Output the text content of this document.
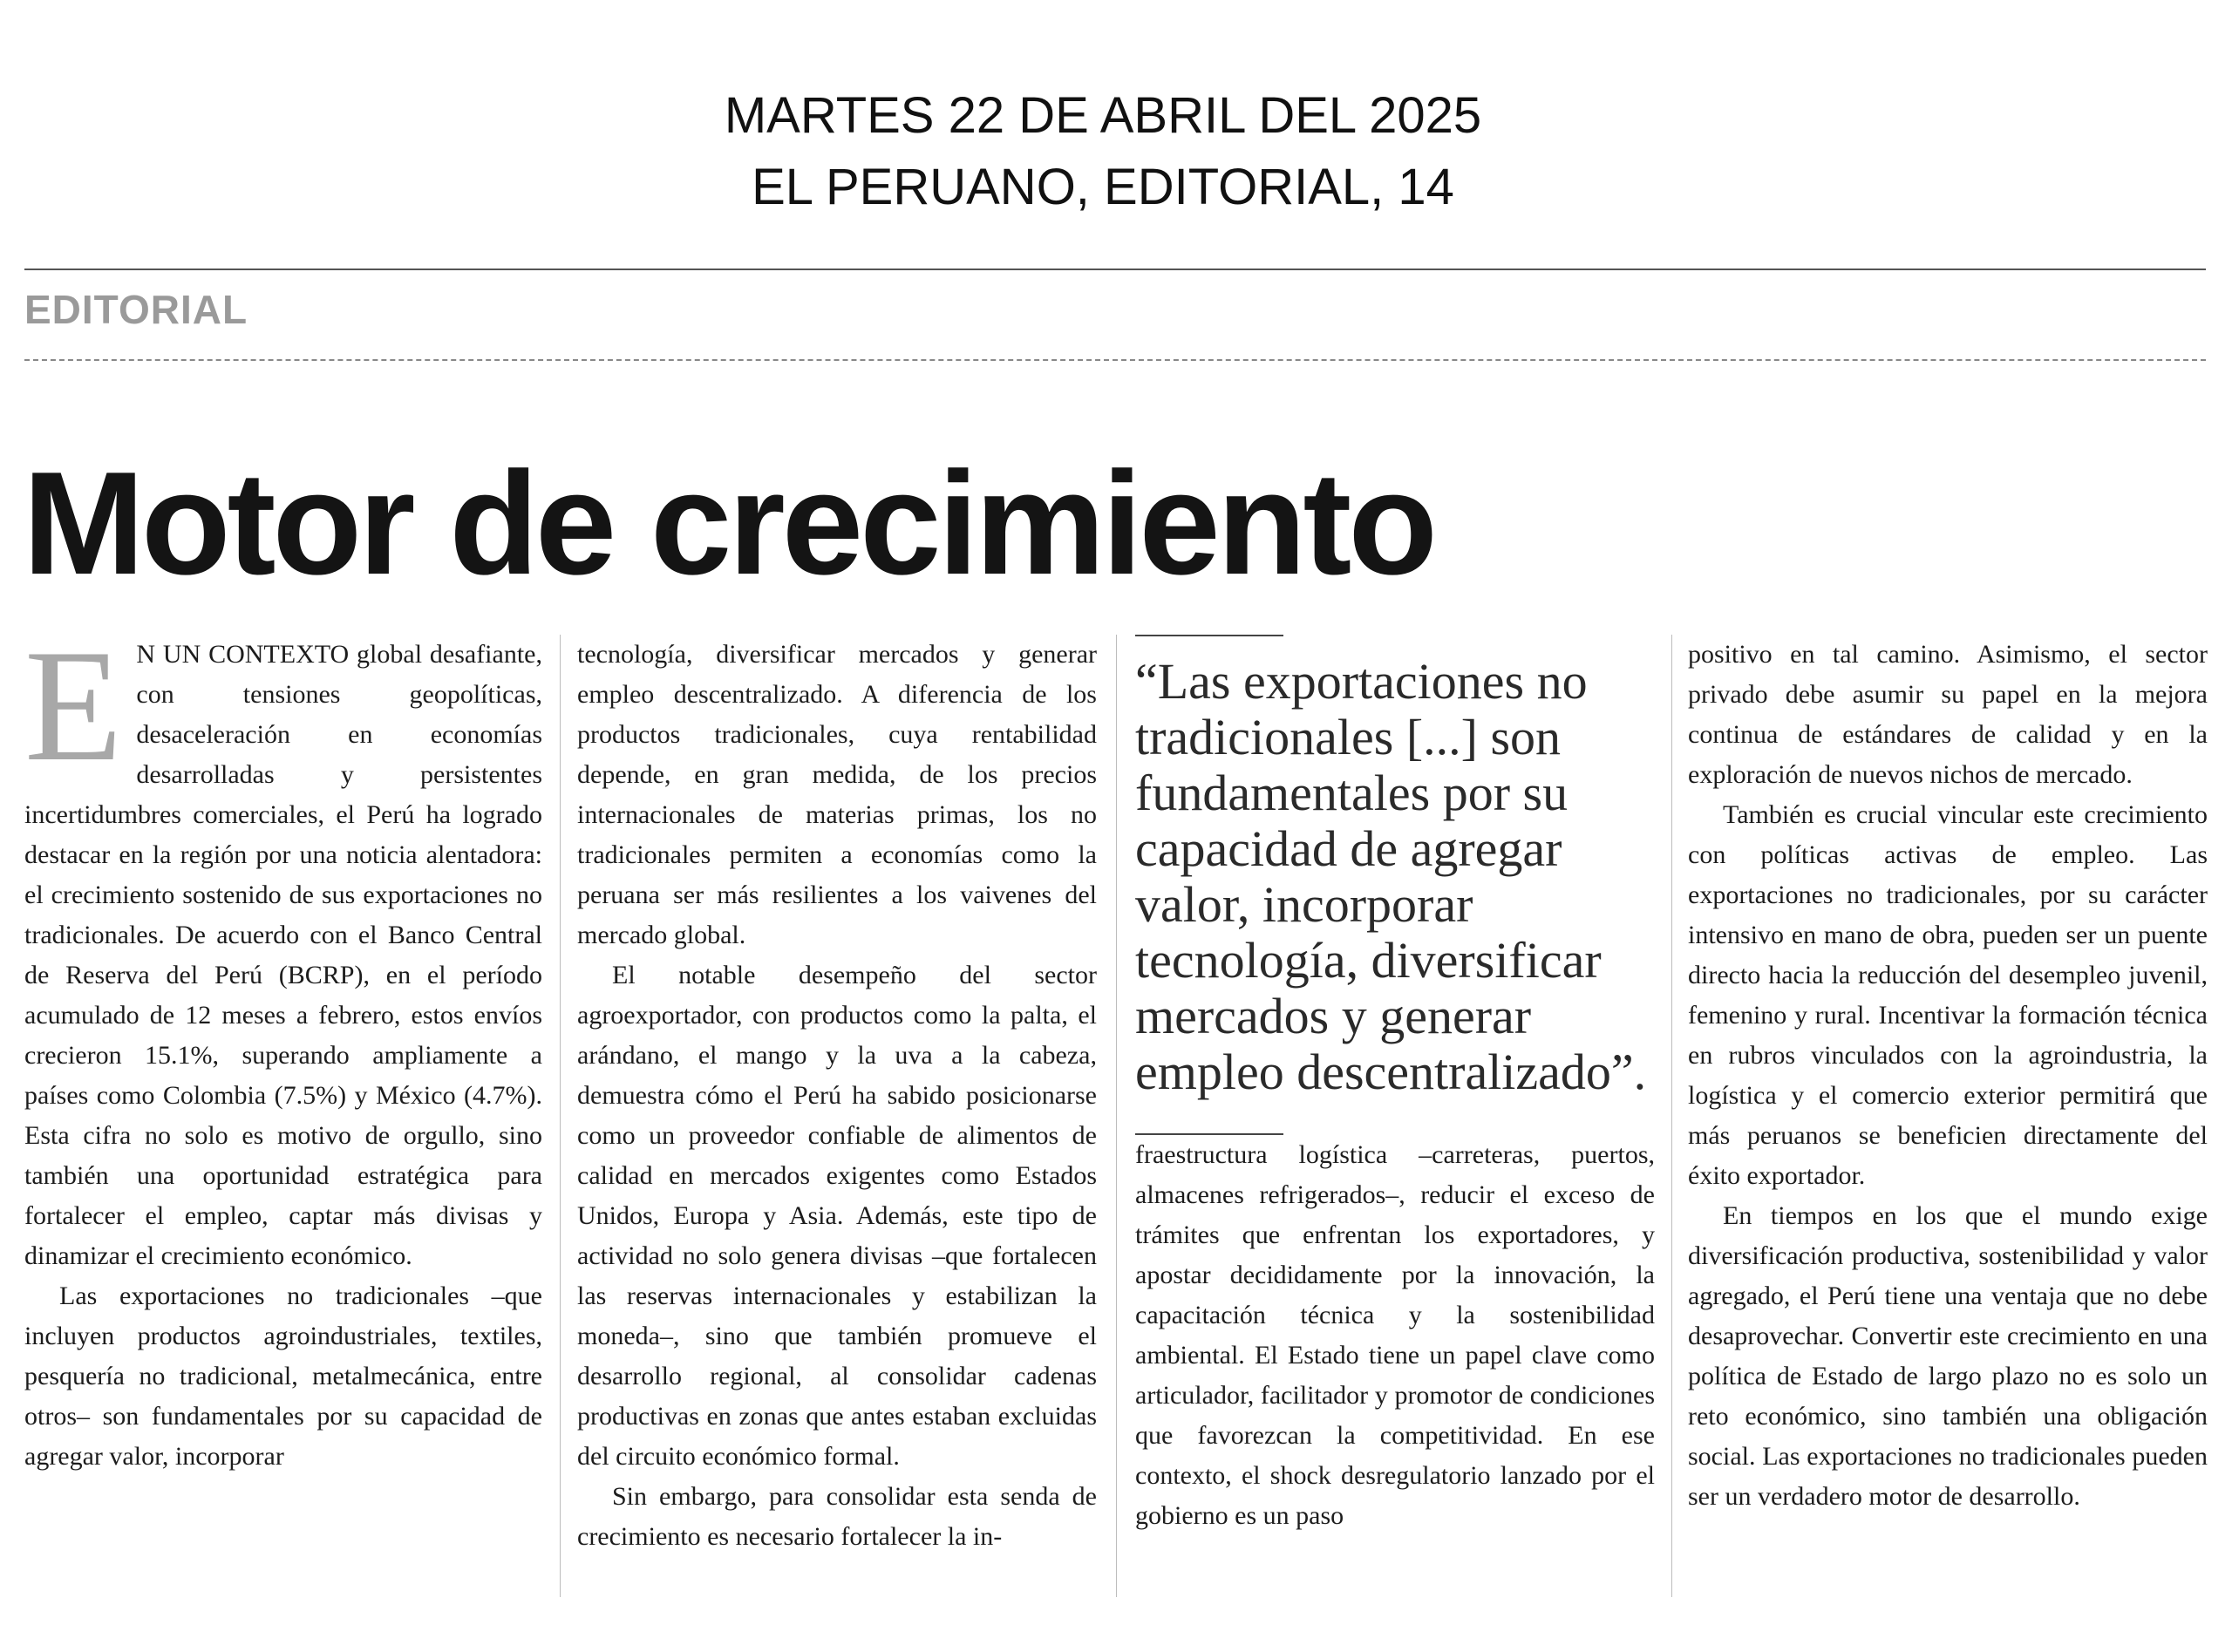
MARTES 22 DE ABRIL DEL 2025
EL PERUANO, EDITORIAL, 14
EDITORIAL
Motor de crecimiento

E N UN CONTEXTO global desafiante, con tensiones geopolíticas, desaceleración en economías desarrolladas y persistentes incertidumbres comerciales, el Perú ha logrado destacar en la región por una noticia alentadora: el crecimiento sostenido de sus exportaciones no tradicionales. De acuerdo con el Banco Central de Reserva del Perú (BCRP), en el período acumulado de 12 meses a febrero, estos envíos crecieron 15.1%, superando ampliamente a países como Colombia (7.5%) y México (4.7%). Esta cifra no solo es motivo de orgullo, sino también una oportunidad estratégica para fortalecer el empleo, captar más divisas y dinamizar el crecimiento económico.

Las exportaciones no tradicionales –que incluyen productos agroindustriales, textiles, pesquería no tradicional, metalmecánica, entre otros– son fundamentales por su capacidad de agregar valor, incorporar

tecnología, diversificar mercados y generar empleo descentralizado. A diferencia de los productos tradicionales, cuya rentabilidad depende, en gran medida, de los precios internacionales de materias primas, los no tradicionales permiten a economías como la peruana ser más resilientes a los vaivenes del mercado global.

El notable desempeño del sector agroexportador, con productos como la palta, el arándano, el mango y la uva a la cabeza, demuestra cómo el Perú ha sabido posicionarse como un proveedor confiable de alimentos de calidad en mercados exigentes como Estados Unidos, Europa y Asia. Además, este tipo de actividad no solo genera divisas –que fortalecen las reservas internacionales y estabilizan la moneda–, sino que también promueve el desarrollo regional, al consolidar cadenas productivas en zonas que antes estaban excluidas del circuito económico formal.

Sin embargo, para consolidar esta senda de crecimiento es necesario fortalecer la in-

“Las exportaciones no tradicionales [...] son fundamentales por su capacidad de agregar valor, incorporar tecnología, diversificar mercados y generar empleo descentralizado”.

fraestructura logística –carreteras, puertos, almacenes refrigerados–, reducir el exceso de trámites que enfrentan los exportadores, y apostar decididamente por la innovación, la capacitación técnica y la sostenibilidad ambiental. El Estado tiene un papel clave como articulador, facilitador y promotor de condiciones que favorezcan la competitividad. En ese contexto, el shock desregulatorio lanzado por el gobierno es un paso

positivo en tal camino. Asimismo, el sector privado debe asumir su papel en la mejora continua de estándares de calidad y en la exploración de nuevos nichos de mercado.

También es crucial vincular este crecimiento con políticas activas de empleo. Las exportaciones no tradicionales, por su carácter intensivo en mano de obra, pueden ser un puente directo hacia la reducción del desempleo juvenil, femenino y rural. Incentivar la formación técnica en rubros vinculados con la agroindustria, la logística y el comercio exterior permitirá que más peruanos se beneficien directamente del éxito exportador.

En tiempos en los que el mundo exige diversificación productiva, sostenibilidad y valor agregado, el Perú tiene una ventaja que no debe desaprovechar. Convertir este crecimiento en una política de Estado de largo plazo no es solo un reto económico, sino también una obligación social. Las exportaciones no tradicionales pueden ser un verdadero motor de desarrollo.
